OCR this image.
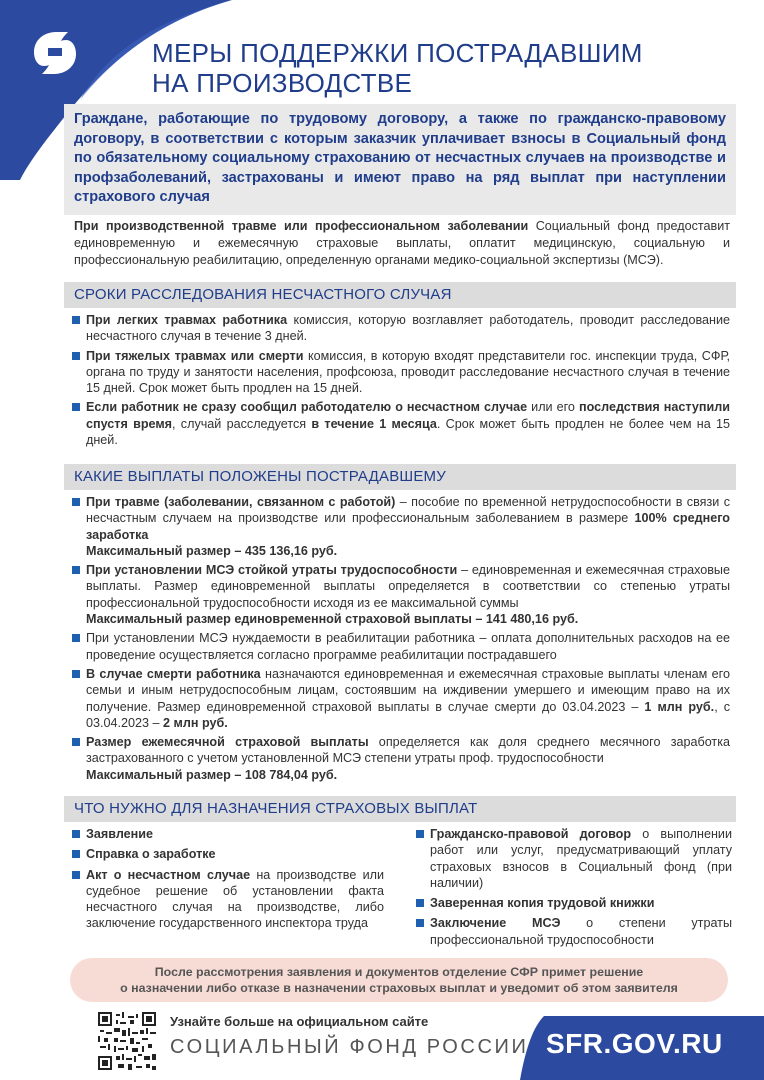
МЕРЫ ПОДДЕРЖКИ ПОСТРАДАВШИМ
НА ПРОИЗВОДСТВЕ
Граждане, работающие по трудовому договору, а также по гражданско-правовому договору, в соответствии с которым заказчик уплачивает взносы в Социальный фонд по обязательному социальному страхованию от несчастных случаев на производстве и профзаболеваний, застрахованы и имеют право на ряд выплат при наступлении страхового случая

При производственной травме или профессиональном заболевании Социальный фонд предоставит единовременную и ежемесячную страховые выплаты, оплатит медицинскую, социальную и профессиональную реабилитацию, определенную органами медико-социальной экспертизы (МСЭ).

СРОКИ РАССЛЕДОВАНИЯ НЕСЧАСТНОГО СЛУЧАЯ
При легких травмах работника комиссия, которую возглавляет работодатель, проводит расследование несчастного случая в течение 3 дней.
При тяжелых травмах или смерти комиссия, в которую входят представители гос. инспекции труда, СФР, органа по труду и занятости населения, профсоюза, проводит расследование несчастного случая в течение 15 дней. Срок может быть продлен на 15 дней.
Если работник не сразу сообщил работодателю о несчастном случае или его последствия наступили спустя время, случай расследуется в течение 1 месяца. Срок может быть продлен не более чем на 15 дней.
КАКИЕ ВЫПЛАТЫ ПОЛОЖЕНЫ ПОСТРАДАВШЕМУ
При травме (заболевании, связанном с работой) – пособие по временной нетрудоспособности в связи с несчастным случаем на производстве или профессиональным заболеванием в размере 100% среднего заработка
Максимальный размер – 435 136,16 руб.
При установлении МСЭ стойкой утраты трудоспособности – единовременная и ежемесячная страховые выплаты. Размер единовременной выплаты определяется в соответствии со степенью утраты профессиональной трудоспособности исходя из ее максимальной суммы
Максимальный размер единовременной страховой выплаты – 141 480,16 руб.
При установлении МСЭ нуждаемости в реабилитации работника – оплата дополнительных расходов на ее проведение осуществляется согласно программе реабилитации пострадавшего
В случае смерти работника назначаются единовременная и ежемесячная страховые выплаты членам его семьи и иным нетрудоспособным лицам, состоявшим на иждивении умершего и имеющим право на их получение. Размер единовременной страховой выплаты в случае смерти до 03.04.2023 – 1 млн руб., с 03.04.2023 – 2 млн руб.
Размер ежемесячной страховой выплаты определяется как доля среднего месячного заработка застрахованного с учетом установленной МСЭ степени утраты проф. трудоспособности
Максимальный размер – 108 784,04 руб.
ЧТО НУЖНО ДЛЯ НАЗНАЧЕНИЯ СТРАХОВЫХ ВЫПЛАТ
Заявление
Справка о заработке
Акт о несчастном случае на производстве или судебное решение об установлении факта несчастного случая на производстве, либо заключение государственного инспектора труда
Гражданско-правовой договор о выполнении работ или услуг, предусматривающий уплату страховых взносов в Социальный фонд (при наличии)
Заверенная копия трудовой книжки
Заключение МСЭ о степени утраты профессиональной трудоспособности
После рассмотрения заявления и документов отделение СФР примет решение
о назначении либо отказе в назначении страховых выплат и уведомит об этом заявителя
Узнайте больше на официальном сайте
СОЦИАЛЬНЫЙ ФОНД РОССИИ SFR.GOV.RU
